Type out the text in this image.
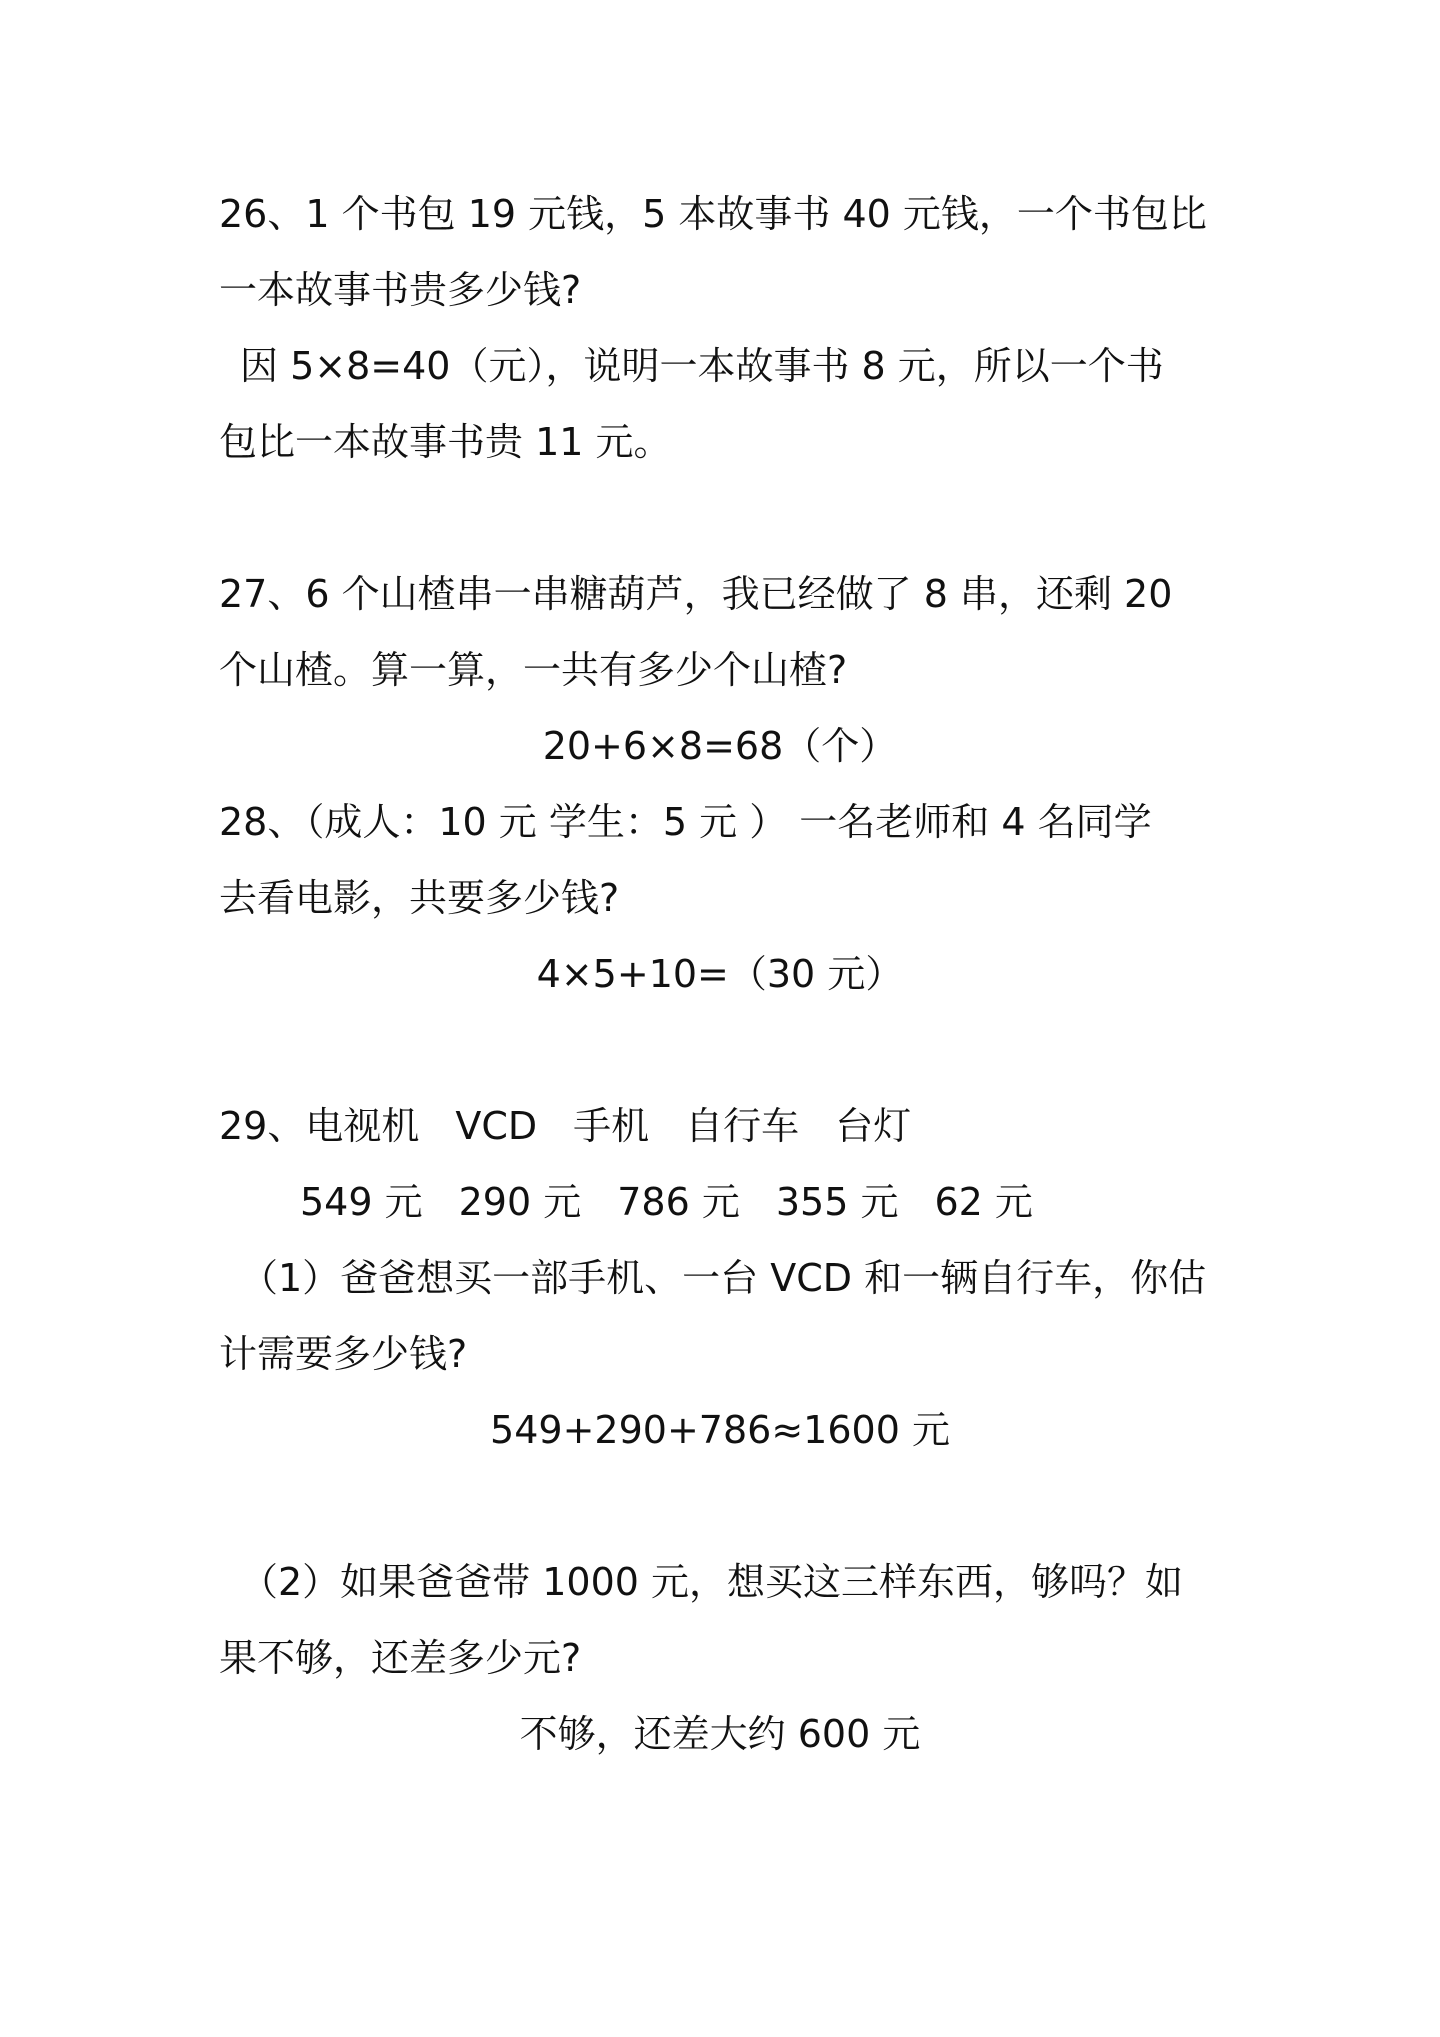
26、1 个书包 19 元钱，5 本故事书 40 元钱，一个书包比
一本故事书贵多少钱?
因 5×8=40（元），说明一本故事书 8 元，所以一个书
包比一本故事书贵 11 元。
27、6 个山楂串一串糖葫芦，我已经做了 8 串，还剩 20
个山楂。算一算，一共有多少个山楂?
20+6×8=68（个）
28、（成人：10 元 学生：5 元 ） 一名老师和 4 名同学
去看电影，共要多少钱?
4×5+10=（30 元）
29、电视机 VCD 手机 自行车 台灯
549 元 290 元 786 元 355 元 62 元
（1）爸爸想买一部手机、一台 VCD 和一辆自行车，你估
计需要多少钱?
549+290+786≈1600 元
（2）如果爸爸带 1000 元，想买这三样东西，够吗？如
果不够，还差多少元?
不够，还差大约 600 元
